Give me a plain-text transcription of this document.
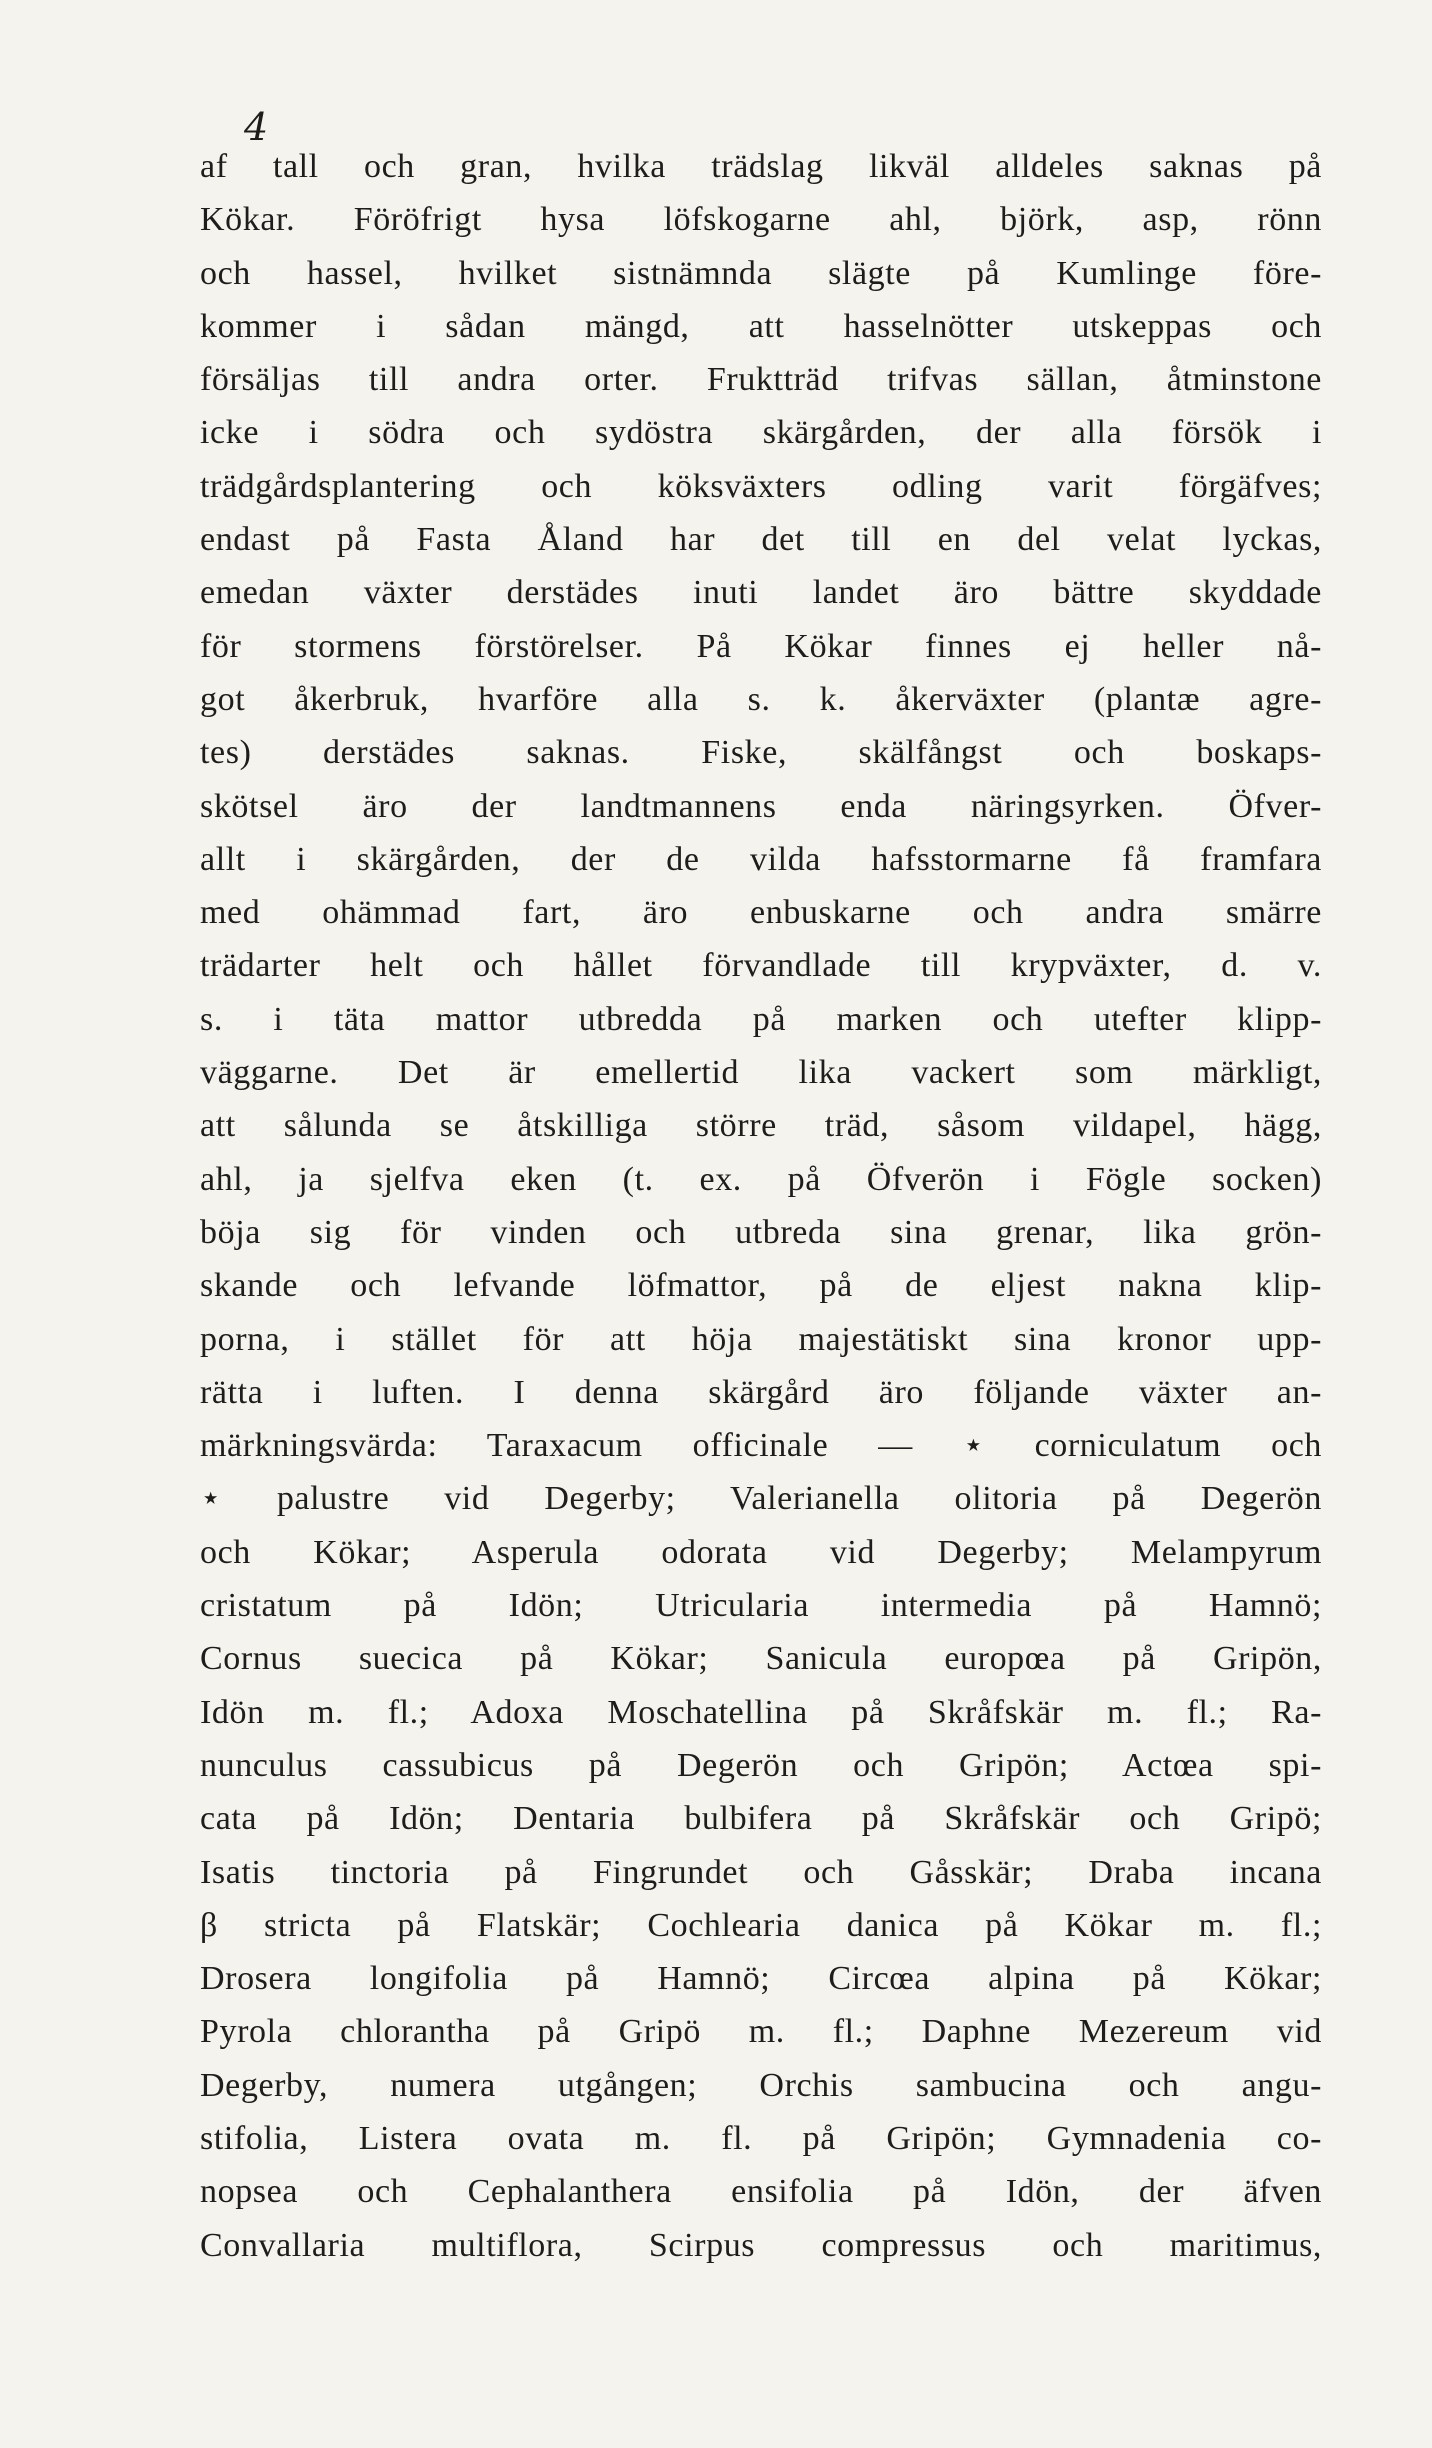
4
af tall och gran, hvilka trädslag likväl alldeles saknas på
Kökar. Föröfrigt hysa löfskogarne ahl, björk, asp, rönn
och hassel, hvilket sistnämnda slägte på Kumlinge före-
kommer i sådan mängd, att hasselnötter utskeppas och
försäljas till andra orter. Fruktträd trifvas sällan, åtminstone
icke i södra och sydöstra skärgården, der alla försök i
trädgårdsplantering och köksväxters odling varit förgäfves;
endast på Fasta Åland har det till en del velat lyckas,
emedan växter derstädes inuti landet äro bättre skyddade
för stormens förstörelser. På Kökar finnes ej heller nå-
got åkerbruk, hvarföre alla s. k. åkerväxter (plantæ agre-
tes) derstädes saknas. Fiske, skälfångst och boskaps-
skötsel äro der landtmannens enda näringsyrken. Öfver-
allt i skärgården, der de vilda hafsstormarne få framfara
med ohämmad fart, äro enbuskarne och andra smärre
trädarter helt och hållet förvandlade till krypväxter, d. v.
s. i täta mattor utbredda på marken och utefter klipp-
väggarne. Det är emellertid lika vackert som märkligt,
att sålunda se åtskilliga större träd, såsom vildapel, hägg,
ahl, ja sjelfva eken (t. ex. på Öfverön i Fögle socken)
böja sig för vinden och utbreda sina grenar, lika grön-
skande och lefvande löfmattor, på de eljest nakna klip-
porna, i stället för att höja majestätiskt sina kronor upp-
rätta i luften. I denna skärgård äro följande växter an-
märkningsvärda: Taraxacum officinale — ⋆ corniculatum och
⋆ palustre vid Degerby; Valerianella olitoria på Degerön
och Kökar; Asperula odorata vid Degerby; Melampyrum
cristatum på Idön; Utricularia intermedia på Hamnö;
Cornus suecica på Kökar; Sanicula europœa på Gripön,
Idön m. fl.; Adoxa Moschatellina på Skråfskär m. fl.; Ra-
nunculus cassubicus på Degerön och Gripön; Actœa spi-
cata på Idön; Dentaria bulbifera på Skråfskär och Gripö;
Isatis tinctoria på Fingrundet och Gåsskär; Draba incana
β stricta på Flatskär; Cochlearia danica på Kökar m. fl.;
Drosera longifolia på Hamnö; Circœa alpina på Kökar;
Pyrola chlorantha på Gripö m. fl.; Daphne Mezereum vid
Degerby, numera utgången; Orchis sambucina och angu-
stifolia, Listera ovata m. fl. på Gripön; Gymnadenia co-
nopsea och Cephalanthera ensifolia på Idön, der äfven
Convallaria multiflora, Scirpus compressus och maritimus,
